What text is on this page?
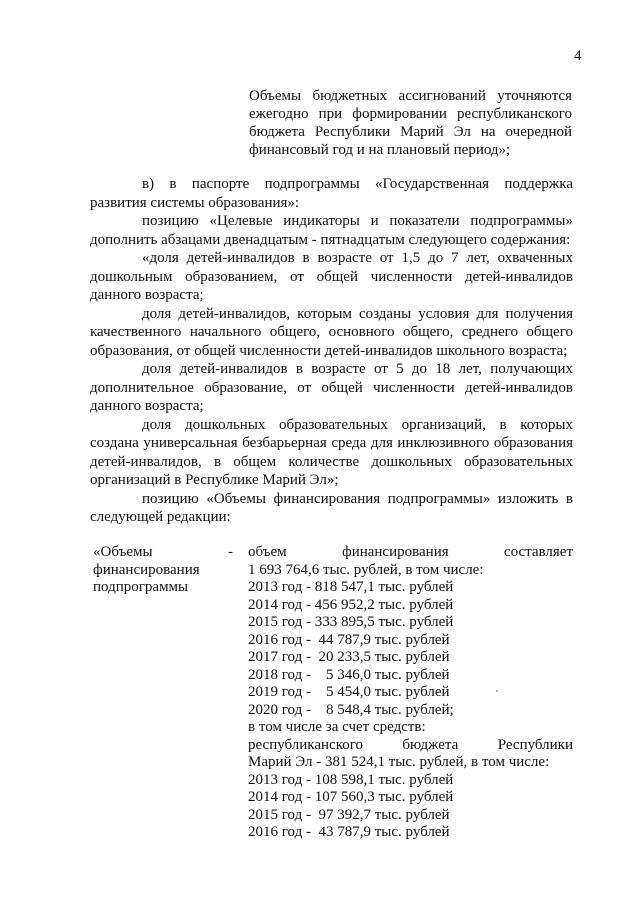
4

Объемы бюджетных ассигнований уточняются ежегодно при формировании республиканского бюджета Республики Марий Эл на очередной финансовый год и на плановый период»;

в) в паспорте подпрограммы «Государственная поддержка развития системы образования»:

позицию «Целевые индикаторы и показатели подпрограммы» дополнить абзацами двенадцатым - пятнадцатым следующего содержания:

«доля детей-инвалидов в возрасте от 1,5 до 7 лет, охваченных дошкольным образованием, от общей численности детей-инвалидов данного возраста;

доля детей-инвалидов, которым созданы условия для получения качественного начального общего, основного общего, среднего общего образования, от общей численности детей-инвалидов школьного возраста;

доля детей-инвалидов в возрасте от 5 до 18 лет, получающих дополнительное образование, от общей численности детей-инвалидов данного возраста;

доля дошкольных образовательных организаций, в которых создана универсальная безбарьерная среда для инклюзивного образования детей-инвалидов, в общем количестве дошкольных образовательных организаций в Республике Марий Эл»;

позицию «Объемы финансирования подпрограммы» изложить в следующей редакции:

«Объемы	-
финансирования
подпрограммы
объем финансирования составляет
1 693 764,6 тыс. рублей, в том числе:
2013 год - 818 547,1 тыс. рублей
2014 год - 456 952,2 тыс. рублей
2015 год - 333 895,5 тыс. рублей
2016 год -  44 787,9 тыс. рублей
2017 год -  20 233,5 тыс. рублей
2018 год -    5 346,0 тыс. рублей
2019 год -    5 454,0 тыс. рублей
2020 год -    8 548,4 тыс. рублей;
в том числе за счет средств:
республиканского бюджета Республики
Марий Эл - 381 524,1 тыс. рублей, в том числе:
2013 год - 108 598,1 тыс. рублей
2014 год - 107 560,3 тыс. рублей
2015 год -  97 392,7 тыс. рублей
2016 год -  43 787,9 тыс. рублей
